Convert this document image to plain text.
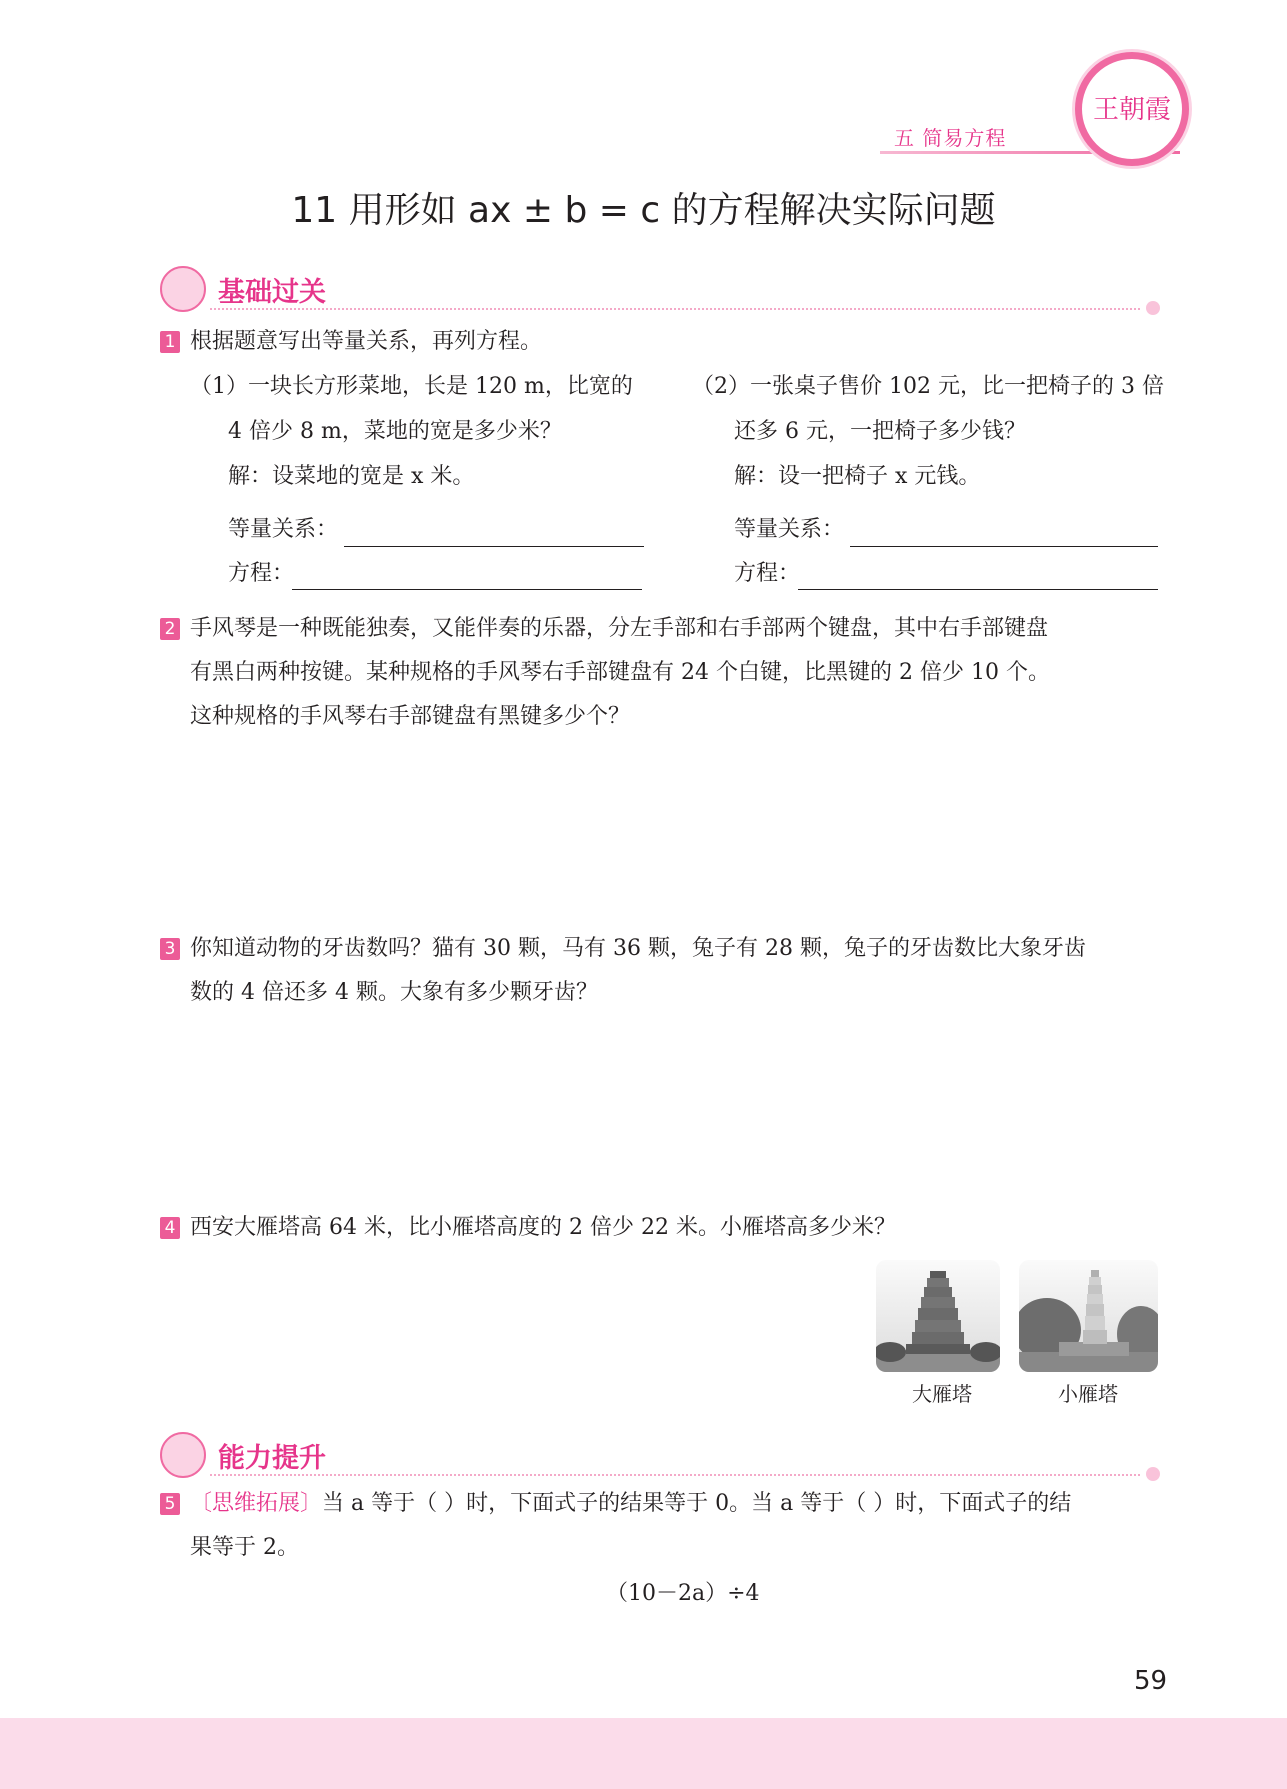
五 简易方程
王朝霞
11 用形如 ax ± b = c 的方程解决实际问题
基础过关
1 根据题意写出等量关系，再列方程。
（1）一块长方形菜地，长是 120 m，比宽的
4 倍少 8 m，菜地的宽是多少米？
解：设菜地的宽是 x 米。
等量关系：
方程：
（2）一张桌子售价 102 元，比一把椅子的 3 倍
还多 6 元，一把椅子多少钱？
解：设一把椅子 x 元钱。
等量关系：
方程：
2 手风琴是一种既能独奏，又能伴奏的乐器，分左手部和右手部两个键盘，其中右手部键盘
有黑白两种按键。某种规格的手风琴右手部键盘有 24 个白键，比黑键的 2 倍少 10 个。
这种规格的手风琴右手部键盘有黑键多少个？
3 你知道动物的牙齿数吗？猫有 30 颗，马有 36 颗，兔子有 28 颗，兔子的牙齿数比大象牙齿
数的 4 倍还多 4 颗。大象有多少颗牙齿？
4 西安大雁塔高 64 米，比小雁塔高度的 2 倍少 22 米。小雁塔高多少米？
大雁塔	小雁塔
能力提升
5 〔思维拓展〕当 a 等于（ ）时，下面式子的结果等于 0。当 a 等于（ ）时，下面式子的结
果等于 2。
（10－2a）÷4
59
